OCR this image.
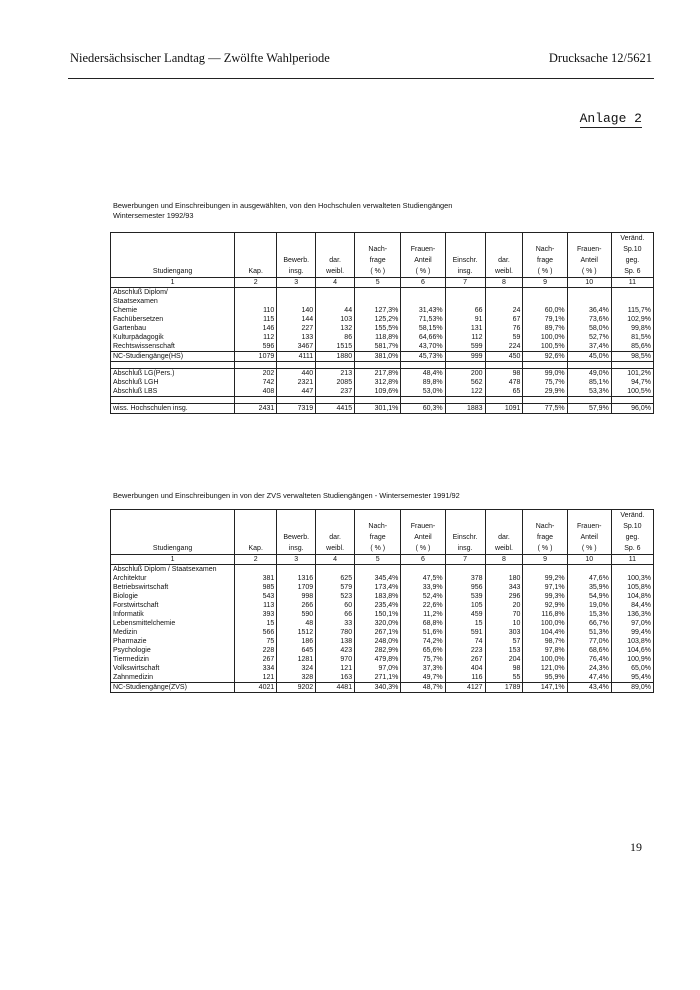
Niedersächsischer Landtag — Zwölfte Wahlperiode	Drucksache 12/5621
Anlage 2
Bewerbungen und Einschreibungen in ausgewählten, von den Hochschulen verwalteten Studiengängen
Wintersemester 1992/93
										Veränd.
				Nach-	Frauen-			Nach-	Frauen-	Sp.10
		Bewerb.	dar.	frage	Anteil	Einschr.	dar.	frage	Anteil	geg.
Studiengang	Kap.	insg.	weibl.	( % )	( % )	insg.	weibl.	( % )	( % )	Sp. 6
1	2	3	4	5	6	7	8	9	10	11
Abschluß Diplom/										
Staatsexamen										
Chemie	110	140	44	127,3%	31,43%	66	24	60,0%	36,4%	115,7%
Fachübersetzen	115	144	103	125,2%	71,53%	91	67	79,1%	73,6%	102,9%
Gartenbau	146	227	132	155,5%	58,15%	131	76	89,7%	58,0%	99,8%
Kulturpädagogik	112	133	86	118,8%	64,66%	112	59	100,0%	52,7%	81,5%
Rechtswissenschaft	596	3467	1515	581,7%	43,70%	599	224	100,5%	37,4%	85,6%
NC-Studiengänge(HS)	1079	4111	1880	381,0%	45,73%	999	450	92,6%	45,0%	98,5%

Abschluß LG(Pers.)	202	440	213	217,8%	48,4%	200	98	99,0%	49,0%	101,2%
Abschluß LGH	742	2321	2085	312,8%	89,8%	562	478	75,7%	85,1%	94,7%
Abschluß LBS	408	447	237	109,6%	53,0%	122	65	29,9%	53,3%	100,5%

wiss. Hochschulen insg.	2431	7319	4415	301,1%	60,3%	1883	1091	77,5%	57,9%	96,0%
Bewerbungen und Einschreibungen in von der ZVS verwalteten Studiengängen - Wintersemester 1991/92
										Veränd.
				Nach-	Frauen-			Nach-	Frauen-	Sp.10
		Bewerb.	dar.	frage	Anteil	Einschr.	dar.	frage	Anteil	geg.
Studiengang	Kap.	insg.	weibl.	( % )	( % )	insg.	weibl.	( % )	( % )	Sp. 6
1	2	3	4	5	6	7	8	9	10	11
Abschluß Diplom / Staatsexamen										
Architektur	381	1316	625	345,4%	47,5%	378	180	99,2%	47,6%	100,3%
Betriebswirtschaft	985	1709	579	173,4%	33,9%	956	343	97,1%	35,9%	105,8%
Biologie	543	998	523	183,8%	52,4%	539	296	99,3%	54,9%	104,8%
Forstwirtschaft	113	266	60	235,4%	22,6%	105	20	92,9%	19,0%	84,4%
Informatik	393	590	66	150,1%	11,2%	459	70	116,8%	15,3%	136,3%
Lebensmittelchemie	15	48	33	320,0%	68,8%	15	10	100,0%	66,7%	97,0%
Medizin	566	1512	780	267,1%	51,6%	591	303	104,4%	51,3%	99,4%
Pharmazie	75	186	138	248,0%	74,2%	74	57	98,7%	77,0%	103,8%
Psychologie	228	645	423	282,9%	65,6%	223	153	97,8%	68,6%	104,6%
Tiermedizin	267	1281	970	479,8%	75,7%	267	204	100,0%	76,4%	100,9%
Volkswirtschaft	334	324	121	97,0%	37,3%	404	98	121,0%	24,3%	65,0%
Zahnmedizin	121	328	163	271,1%	49,7%	116	55	95,9%	47,4%	95,4%
NC-Studiengänge(ZVS)	4021	9202	4481	340,3%	48,7%	4127	1789	147,1%	43,4%	89,0%
19
